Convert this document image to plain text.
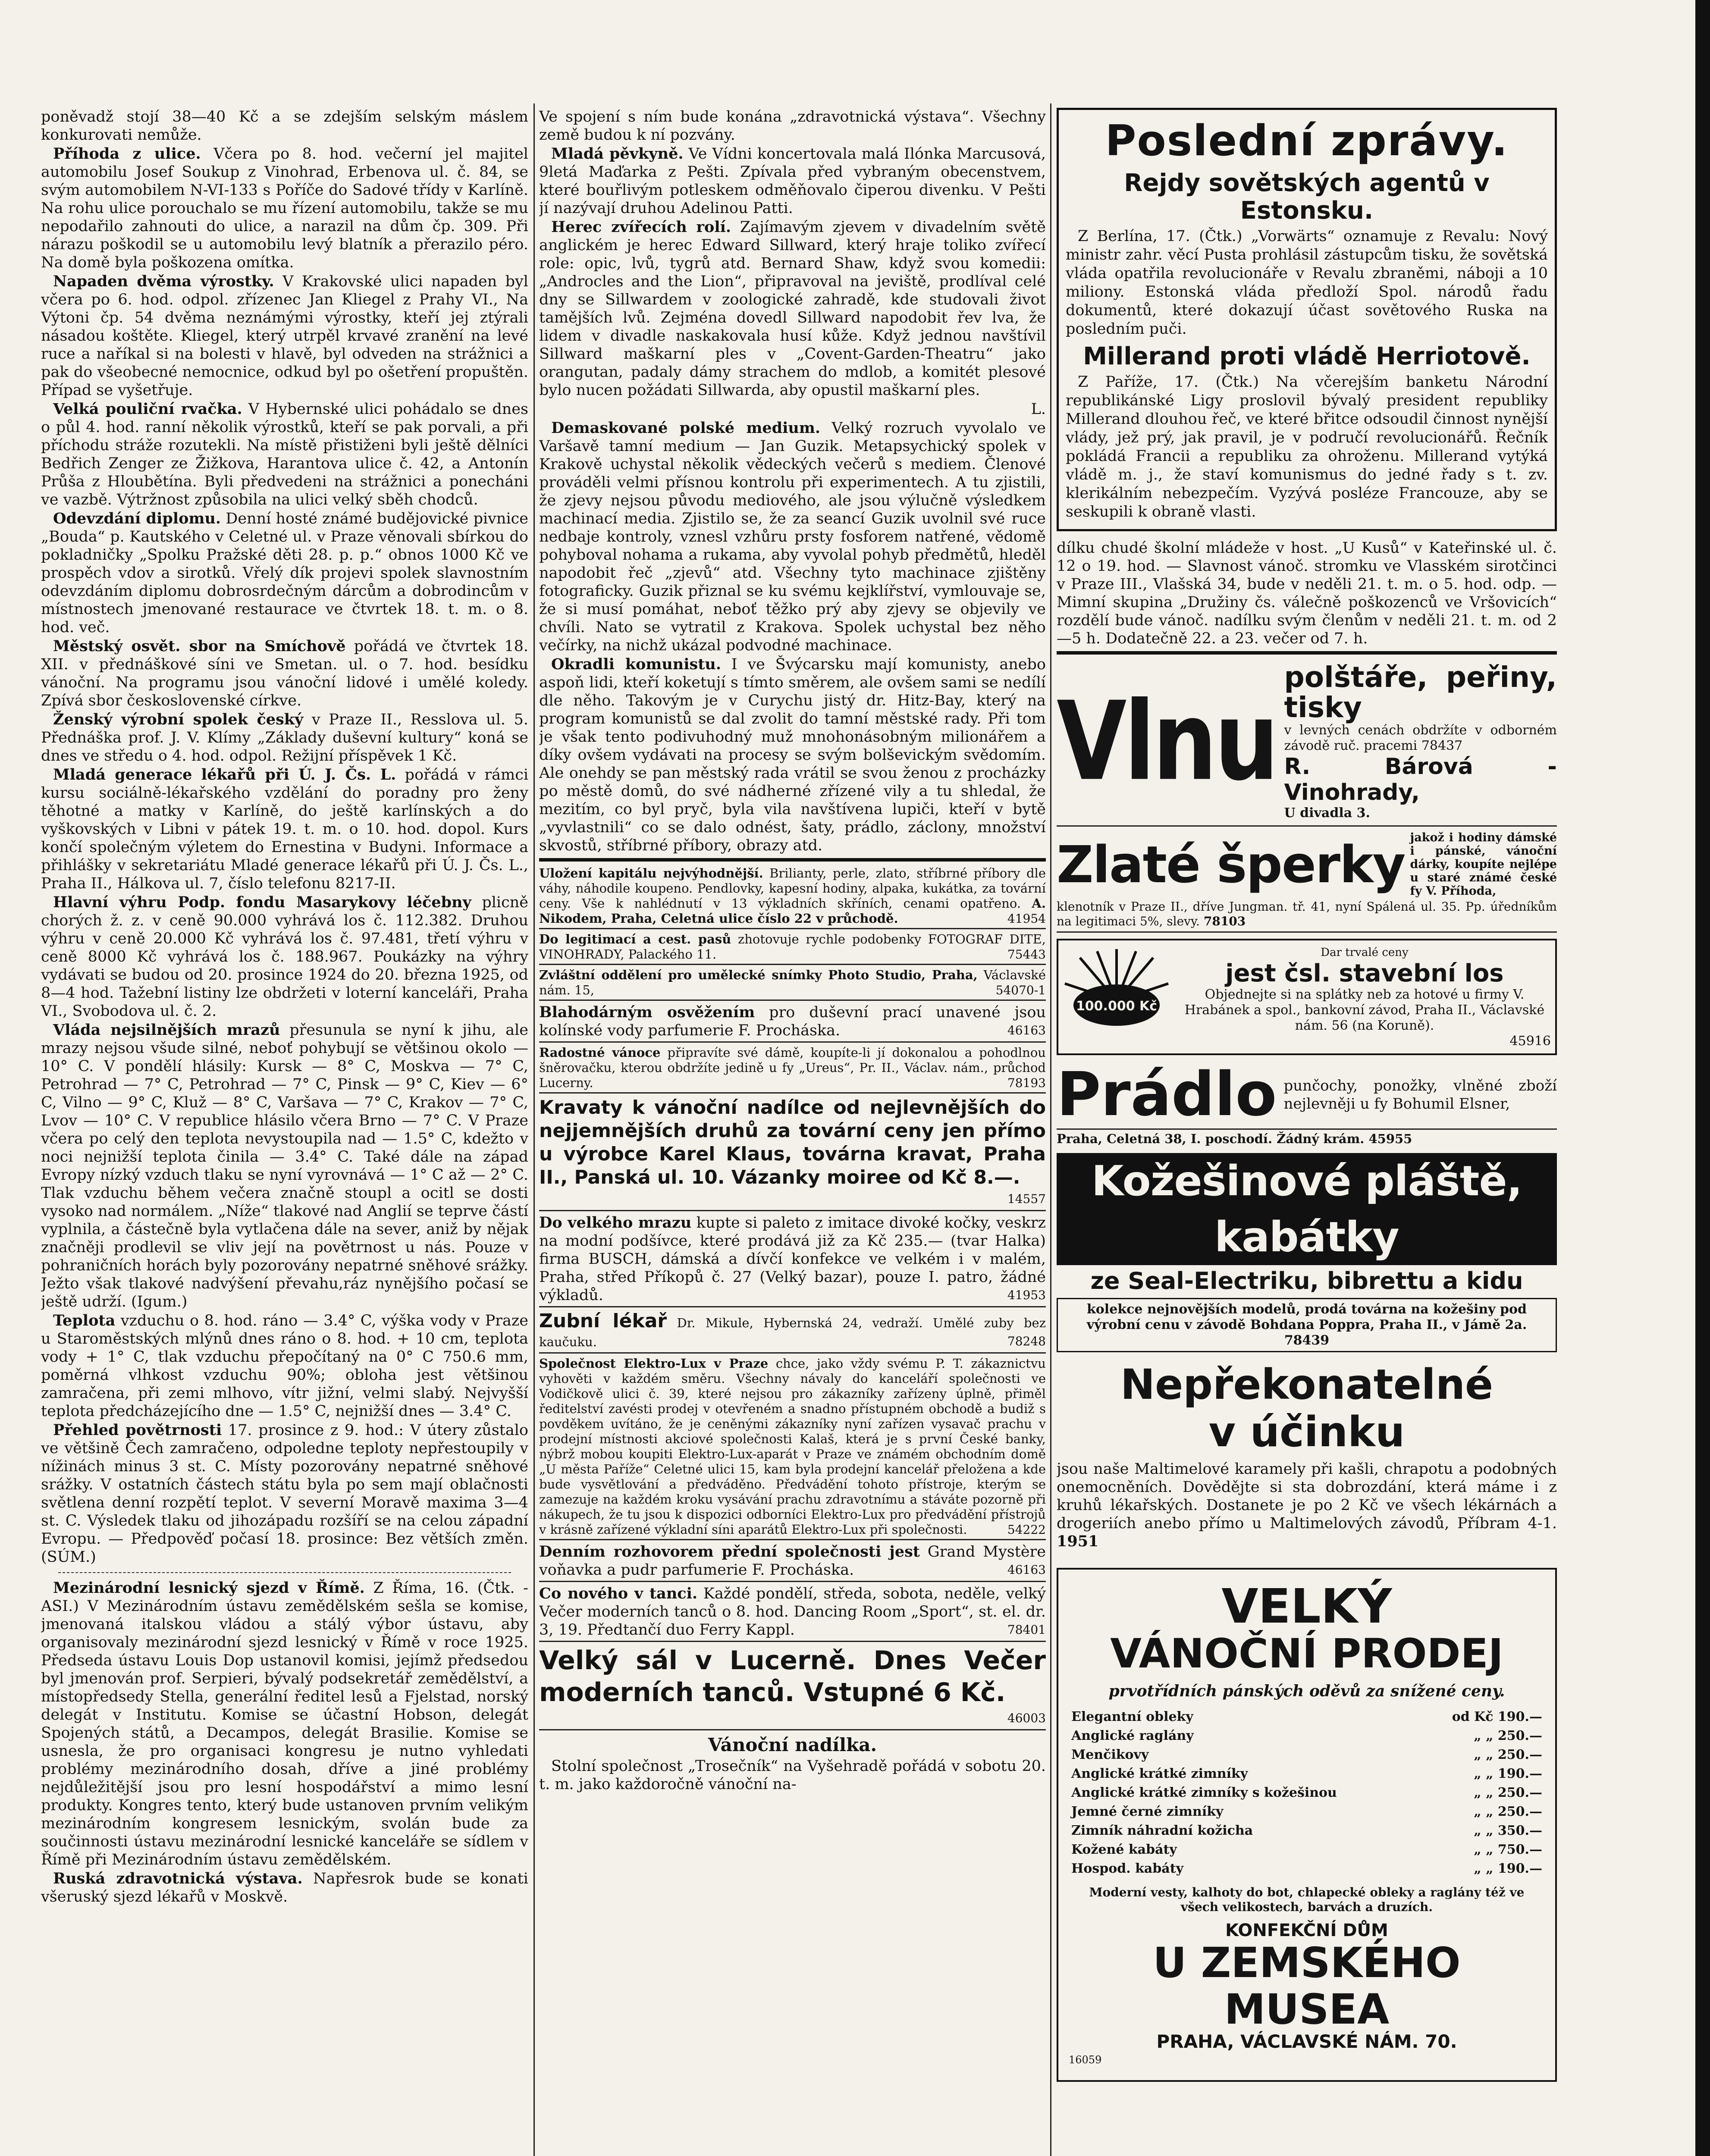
poněvadž stojí 38—40 Kč a se zdejším selským máslem konkurovati nemůže.

Příhoda z ulice. Včera po 8. hod. večerní jel majitel automobilu Josef Soukup z Vinohrad, Erbenova ul. č. 84, se svým automobilem N-VI-133 s Poříče do Sadové třídy v Karlíně. Na rohu ulice porouchalo se mu řízení automobilu, takže se mu nepodařilo zahnouti do ulice, a narazil na dům čp. 309. Při nárazu poškodil se u automobilu levý blatník a přerazilo péro. Na domě byla poškozena omítka.

Napaden dvěma výrostky. V Krakovské ulici napaden byl včera po 6. hod. odpol. zřízenec Jan Kliegel z Prahy VI., Na Výtoni čp. 54 dvěma neznámými výrostky, kteří jej ztýrali násadou koštěte. Kliegel, který utrpěl krvavé zranění na levé ruce a naříkal si na bolesti v hlavě, byl odveden na strážnici a pak do všeobecné nemocnice, odkud byl po ošetření propuštěn. Případ se vyšetřuje.

Velká pouliční rvačka. V Hybernské ulici pohádalo se dnes o půl 4. hod. ranní několik výrostků, kteří se pak porvali, a při příchodu stráže rozutekli. Na místě přistiženi byli ještě dělníci Bedřich Zenger ze Žižkova, Harantova ulice č. 42, a Antonín Průša z Hloubětína. Byli předvedeni na strážnici a ponecháni ve vazbě. Výtržnost způsobila na ulici velký sběh chodců.

Odevzdání diplomu. Denní hosté známé budějovické pivnice „Bouda“ p. Kautského v Celetné ul. v Praze věnovali sbírkou do pokladničky „Spolku Pražské děti 28. p. p.“ obnos 1000 Kč ve prospěch vdov a sirotků. Vřelý dík projevi spolek slavnostním odevzdáním diplomu dobrosrdečným dárcům a dobrodincům v místnostech jmenované restaurace ve čtvrtek 18. t. m. o 8. hod. več.

Městský osvět. sbor na Smíchově pořádá ve čtvrtek 18. XII. v přednáškové síni ve Smetan. ul. o 7. hod. besídku vánoční. Na programu jsou vánoční lidové i umělé koledy. Zpívá sbor československé církve.

Ženský výrobní spolek český v Praze II., Resslova ul. 5. Přednáška prof. J. V. Klímy „Základy duševní kultury“ koná se dnes ve středu o 4. hod. odpol. Režijní příspěvek 1 Kč.

Mladá generace lékařů při Ú. J. Čs. L. pořádá v rámci kursu sociálně-lékařského vzdělání do poradny pro ženy těhotné a matky v Karlíně, do ještě karlínských a do vyškovských v Libni v pátek 19. t. m. o 10. hod. dopol. Kurs končí společným výletem do Ernestina v Budyni. Informace a přihlášky v sekretariátu Mladé generace lékařů při Ú. J. Čs. L., Praha II., Hálkova ul. 7, číslo telefonu 8217-II.

Hlavní výhru Podp. fondu Masarykovy léčebny plicně chorých ž. z. v ceně 90.000 vyhrává los č. 112.382. Druhou výhru v ceně 20.000 Kč vyhrává los č. 97.481, třetí výhru v ceně 8000 Kč vyhrává los č. 188.967. Poukázky na výhry vydávati se budou od 20. prosince 1924 do 20. března 1925, od 8—4 hod. Tažební listiny lze obdržeti v loterní kanceláři, Praha VI., Svobodova ul. č. 2.

Vláda nejsilnějších mrazů přesunula se nyní k jihu, ale mrazy nejsou všude silné, neboť pohybují se většinou okolo — 10° C. V pondělí hlásily: Kursk — 8° C, Moskva — 7° C, Petrohrad — 7° C, Petrohrad — 7° C, Pinsk — 9° C, Kiev — 6° C, Vilno — 9° C, Kluž — 8° C, Varšava — 7° C, Krakov — 7° C, Lvov — 10° C. V republice hlásilo včera Brno — 7° C. V Praze včera po celý den teplota nevystoupila nad — 1.5° C, kdežto v noci nejnižší teplota činila — 3.4° C. Také dále na západ Evropy nízký vzduch tlaku se nyní vyrovnává — 1° C až — 2° C. Tlak vzduchu během večera značně stoupl a ocitl se dosti vysoko nad normálem. „Níže“ tlakové nad Anglií se teprve částí vyplnila, a částečně byla vytlačena dále na sever, aniž by nějak značněji prodlevil se vliv její na povětrnost u nás. Pouze v pohraničních horách byly pozorovány nepatrné sněhové srážky. Ježto však tlakové nadvýšení převahu,ráz nynějšího počasí se ještě udrží. (Igum.)

Teplota vzduchu o 8. hod. ráno — 3.4° C, výška vody v Praze u Staroměstských mlýnů dnes ráno o 8. hod. + 10 cm, teplota vody + 1° C, tlak vzduchu přepočítaný na 0° C 750.6 mm, poměrná vlhkost vzduchu 90%; obloha jest většinou zamračena, při zemi mlhovo, vítr jižní, velmi slabý. Nejvyšší teplota předcházejícího dne — 1.5° C, nejnižší dnes — 3.4° C.

Přehled povětrnosti 17. prosince z 9. hod.: V útery zůstalo ve většině Čech zamračeno, odpoledne teploty nepřestoupily v nížinách minus 3 st. C. Místy pozorovány nepatrné sněhové srážky. V ostatních částech státu byla po sem mají oblačnosti světlena denní rozpětí teplot. V severní Moravě maxima 3—4 st. C. Výsledek tlaku od jihozápadu rozšíří se na celou západní Evropu. — Předpověď počasí 18. prosince: Bez větších změn. (SÚM.)

Mezinárodní lesnický sjezd v Římě. Z Říma, 16. (Čtk. - ASI.) V Mezinárodním ústavu zemědělském sešla se komise, jmenovaná italskou vládou a stálý výbor ústavu, aby organisovaly mezinárodní sjezd lesnický v Římě v roce 1925. Předseda ústavu Louis Dop ustanovil komisi, jejímž předsedou byl jmenován prof. Serpieri, bývalý podsekretář zemědělství, a místopředsedy Stella, generální ředitel lesů a Fjelstad, norský delegát v Institutu. Komise se účastní Hobson, delegát Spojených států, a Decampos, delegát Brasilie. Komise se usnesla, že pro organisaci kongresu je nutno vyhledati problémy mezinárodního dosah, dříve a jiné problémy nejdůležitější jsou pro lesní hospodářství a mimo lesní produkty. Kongres tento, který bude ustanoven prvním velikým mezinárodním kongresem lesnickým, svolán bude za součinnosti ústavu mezinárodní lesnické kanceláře se sídlem v Římě při Mezinárodním ústavu zemědělském.

Ruská zdravotnická výstava. Napřesrok bude se konati všeruský sjezd lékařů v Moskvě.

Ve spojení s ním bude konána „zdravotnická výstava“. Všechny země budou k ní pozvány.

Mladá pěvkyně. Ve Vídni koncertovala malá Ilónka Marcusová, 9letá Maďarka z Pešti. Zpívala před vybraným obecenstvem, které bouřlivým potleskem odměňovalo čiperou divenku. V Pešti jí nazývají druhou Adelinou Patti.

Herec zvířecích rolí. Zajímavým zjevem v divadelním světě anglickém je herec Edward Sillward, který hraje toliko zvířecí role: opic, lvů, tygrů atd. Bernard Shaw, když svou komedii: „Androcles and the Lion“, připravoval na jeviště, prodlíval celé dny se Sillwardem v zoologické zahradě, kde studovali život tamějších lvů. Zejména dovedl Sillward napodobit řev lva, že lidem v divadle naskakovala husí kůže. Když jednou navštívil Sillward maškarní ples v „Covent-Garden-Theatru“ jako orangutan, padaly dámy strachem do mdlob, a komitét plesové bylo nucen požádati Sillwarda, aby opustil maškarní ples.

L.

Demaskované polské medium. Velký rozruch vyvolalo ve Varšavě tamní medium — Jan Guzik. Metapsychický spolek v Krakově uchystal několik vědeckých večerů s mediem. Členové prováděli velmi přísnou kontrolu při experimentech. A tu zjistili, že zjevy nejsou původu mediového, ale jsou výlučně výsledkem machinací media. Zjistilo se, že za seancí Guzik uvolnil své ruce nedbaje kontroly, vznesl vzhůru prsty fosforem natřené, vědomě pohyboval nohama a rukama, aby vyvolal pohyb předmětů, hleděl napodobit řeč „zjevů“ atd. Všechny tyto machinace zjištěny fotograficky. Guzik přiznal se ku svému kejklířství, vymlouvaje se, že si musí pomáhat, neboť těžko prý aby zjevy se objevily ve chvíli. Nato se vytratil z Krakova. Spolek uchystal bez něho večírky, na nichž ukázal podvodné machinace.

Okradli komunistu. I ve Švýcarsku mají komunisty, anebo aspoň lidi, kteří koketují s tímto směrem, ale ovšem sami se nedílí dle něho. Takovým je v Curychu jistý dr. Hitz-Bay, který na program komunistů se dal zvolit do tamní městské rady. Při tom je však tento podivuhodný muž mnohonásobným milionářem a díky ovšem vydávati na procesy se svým bolševickým svědomím. Ale onehdy se pan městský rada vrátil se svou ženou z procházky po městě domů, do své nádherné zřízené vily a tu shledal, že mezitím, co byl pryč, byla vila navštívena lupiči, kteří v bytě „vyvlastnili“ co se dalo odnést, šaty, prádlo, záclony, množství skvostů, stříbrné příbory, obrazy atd.

Uložení kapitálu nejvýhodnější. Brilianty, perle, zlato, stříbrné příbory dle váhy, náhodile koupeno. Pendlovky, kapesní hodiny, alpaka, kukátka, za tovární ceny. Vše k nahlédnutí v 13 výkladních skříních, cenami opatřeno. A. Nikodem, Praha, Celetná ulice číslo 22 v průchodě.	41954

Do legitimací a cest. pasů zhotovuje rychle podobenky FOTOGRAF DITE, VINOHRADY, Palackého 11.	75443

Zvláštní oddělení pro umělecké snímky Photo Studio, Praha, Václavské nám. 15,	54070-1

Blahodárným osvěžením pro duševní prací unavené jsou kolínské vody parfumerie F. Procháska.	46163

Radostné vánoce připravíte své dámě, koupíte-li jí dokonalou a pohodlnou šněrovačku, kterou obdržíte jedině u fy „Ureus“, Pr. II., Václav. nám., průchod Lucerny.	78193

Kravaty k vánoční nadílce od nejlevnějších do nejjemnějších druhů za tovární ceny jen přímo u výrobce Karel Klaus, továrna kravat, Praha II., Panská ul. 10. Vázanky moiree od Kč 8.—.

14557

Do velkého mrazu kupte si paleto z imitace divoké kočky, veskrz na modní podšívce, které prodává již za Kč 235.— (tvar Halka) firma BUSCH, dámská a dívčí konfekce ve velkém i v malém, Praha, střed Příkopů č. 27 (Velký bazar), pouze I. patro, žádné výkladů.	41953

Zubní lékař Dr. Mikule, Hybernská 24, vedraží. Umělé zuby bez kaučuku.	78248

Společnost Elektro-Lux v Praze chce, jako vždy svému P. T. zákaznictvu vyhověti v každém směru. Všechny návaly do kanceláří společnosti ve Vodičkově ulici č. 39, které nejsou pro zákazníky zařízeny úplně, přiměl ředitelství zavésti prodej v otevřeném a snadno přístupném obchodě a budiž s povděkem uvítáno, že je ceněnými zákazníky nyní zařízen vysavač prachu v prodejní místnosti akciové společnosti Kalaš, která je s první České banky, nýbrž mobou koupiti Elektro-Lux-aparát v Praze ve známém obchodním domě „U města Paříže“ Celetné ulici 15, kam byla prodejní kancelář přeložena a kde bude vysvětlování a předváděno. Předvádění tohoto přístroje, kterým se zamezuje na každém kroku vysávání prachu zdravotnímu a stáváte pozorně při nákupech, že tu jsou k dispozici odborníci Elektro-Lux pro předvádění přístrojů v krásně zařízené výkladní síni aparátů Elektro-Lux při společnosti.	54222

Denním rozhovorem přední společnosti jest Grand Mystère voňavka a pudr parfumerie F. Procháska.	46163

Co nového v tanci. Každé pondělí, středa, sobota, neděle, velký Večer moderních tanců o 8. hod. Dancing Room „Sport“, st. el. dr. 3, 19. Předtančí duo Ferry Kappl.	78401

Velký sál v Lucerně. Dnes Večer moderních tanců. Vstupné 6 Kč.

46003

Vánoční nadílka.

Stolní společnost „Trosečník“ na Vyšehradě pořádá v sobotu 20. t. m. jako každoročně vánoční na-

Poslední zprávy.
Rejdy sovětských agentů v Estonsku.

Z Berlína, 17. (Čtk.) „Vorwärts“ oznamuje z Revalu: Nový ministr zahr. věcí Pusta prohlásil zástupcům tisku, že sovětská vláda opatřila revolucionáře v Revalu zbraněmi, náboji a 10 miliony. Estonská vláda předloží Spol. národů řadu dokumentů, které dokazují účast sovětového Ruska na posledním puči.

Millerand proti vládě Herriotově.

Z Paříže, 17. (Čtk.) Na včerejším banketu Národní republikánské Ligy proslovil bývalý president republiky Millerand dlouhou řeč, ve které břitce odsoudil činnost nynější vlády, jež prý, jak pravil, je v područí revolucionářů. Řečník pokládá Francii a republiku za ohroženu. Millerand vytýká vládě m. j., že staví komunismus do jedné řady s t. zv. klerikálním nebezpečím. Vyzývá posléze Francouze, aby se seskupili k obraně vlasti.

dílku chudé školní mládeže v host. „U Kusů“ v Kateřinské ul. č. 12 o 19. hod. — Slavnost vánoč. stromku ve Vlasském sirotčinci v Praze III., Vlašská 34, bude v neděli 21. t. m. o 5. hod. odp. — Mimní skupina „Družiny čs. válečně poškozenců ve Vršovicích“ rozdělí bude vánoč. nadílku svým členům v neděli 21. t. m. od 2—5 h. Dodatečně 22. a 23. večer od 7. h.

Vlnu
polštáře, peřiny, tisky
v levných cenách obdržíte v odborném závodě ruč. pracemi 78437
R. Bárová - Vinohrady,
U divadla 3.
Zlaté šperky jakož i hodiny dámské i pánské, vánoční dárky, koupíte nejlépe u staré známé české fy V. Příhoda,
klenotník v Praze II., dříve Jungman. tř. 41, nyní Spálená ul. 35. Pp. úředníkům na legitimaci 5%, slevy. 78103
100.000 Kč
Dar trvalé ceny
jest čsl. stavební los
Objednejte si na splátky neb za hotové u firmy V. Hrabánek a spol., bankovní závod, Praha II., Václavské nám. 56 (na Koruně).
45916
Prádlo punčochy, ponožky, vlněné zboží nejlevněji u fy Bohumil Elsner,
Praha, Celetná 38, I. poschodí. Žádný krám. 45955
Kožešinové pláště, kabátky
ze Seal-Electriku, bibrettu a kidu
kolekce nejnovějších modelů, prodá továrna na kožešiny pod výrobní cenu v závodě Bohdana Poppra, Praha II., v Jámě 2a. 78439
Nepřekonatelné
v účinku

jsou naše Maltimelové karamely při kašli, chrapotu a podobných onemocněních. Dovědějte si sta dobrozdání, která máme i z kruhů lékařských. Dostanete je po 2 Kč ve všech lékárnách a drogeriích anebo přímo u Maltimelových závodů, Příbram 4-1. 1951

VELKÝ
VÁNOČNÍ PRODEJ
prvotřídních pánských oděvů za snížené ceny.
Elegantní obleky	od Kč 190.—
Anglické raglány	„ „ 250.—
Menčikovy	„ „ 250.—
Anglické krátké zimníky	„ „ 190.—
Anglické krátké zimníky s kožešinou	„ „ 250.—
Jemné černé zimníky	„ „ 250.—
Zimník náhradní kožicha	„ „ 350.—
Kožené kabáty	„ „ 750.—
Hospod. kabáty	„ „ 190.—
Moderní vesty, kalhoty do bot, chlapecké obleky a raglány též ve všech velikostech, barvách a druzích.
KONFEKČNÍ DŮM
U ZEMSKÉHO MUSEA
PRAHA, VÁCLAVSKÉ NÁM. 70.
16059
